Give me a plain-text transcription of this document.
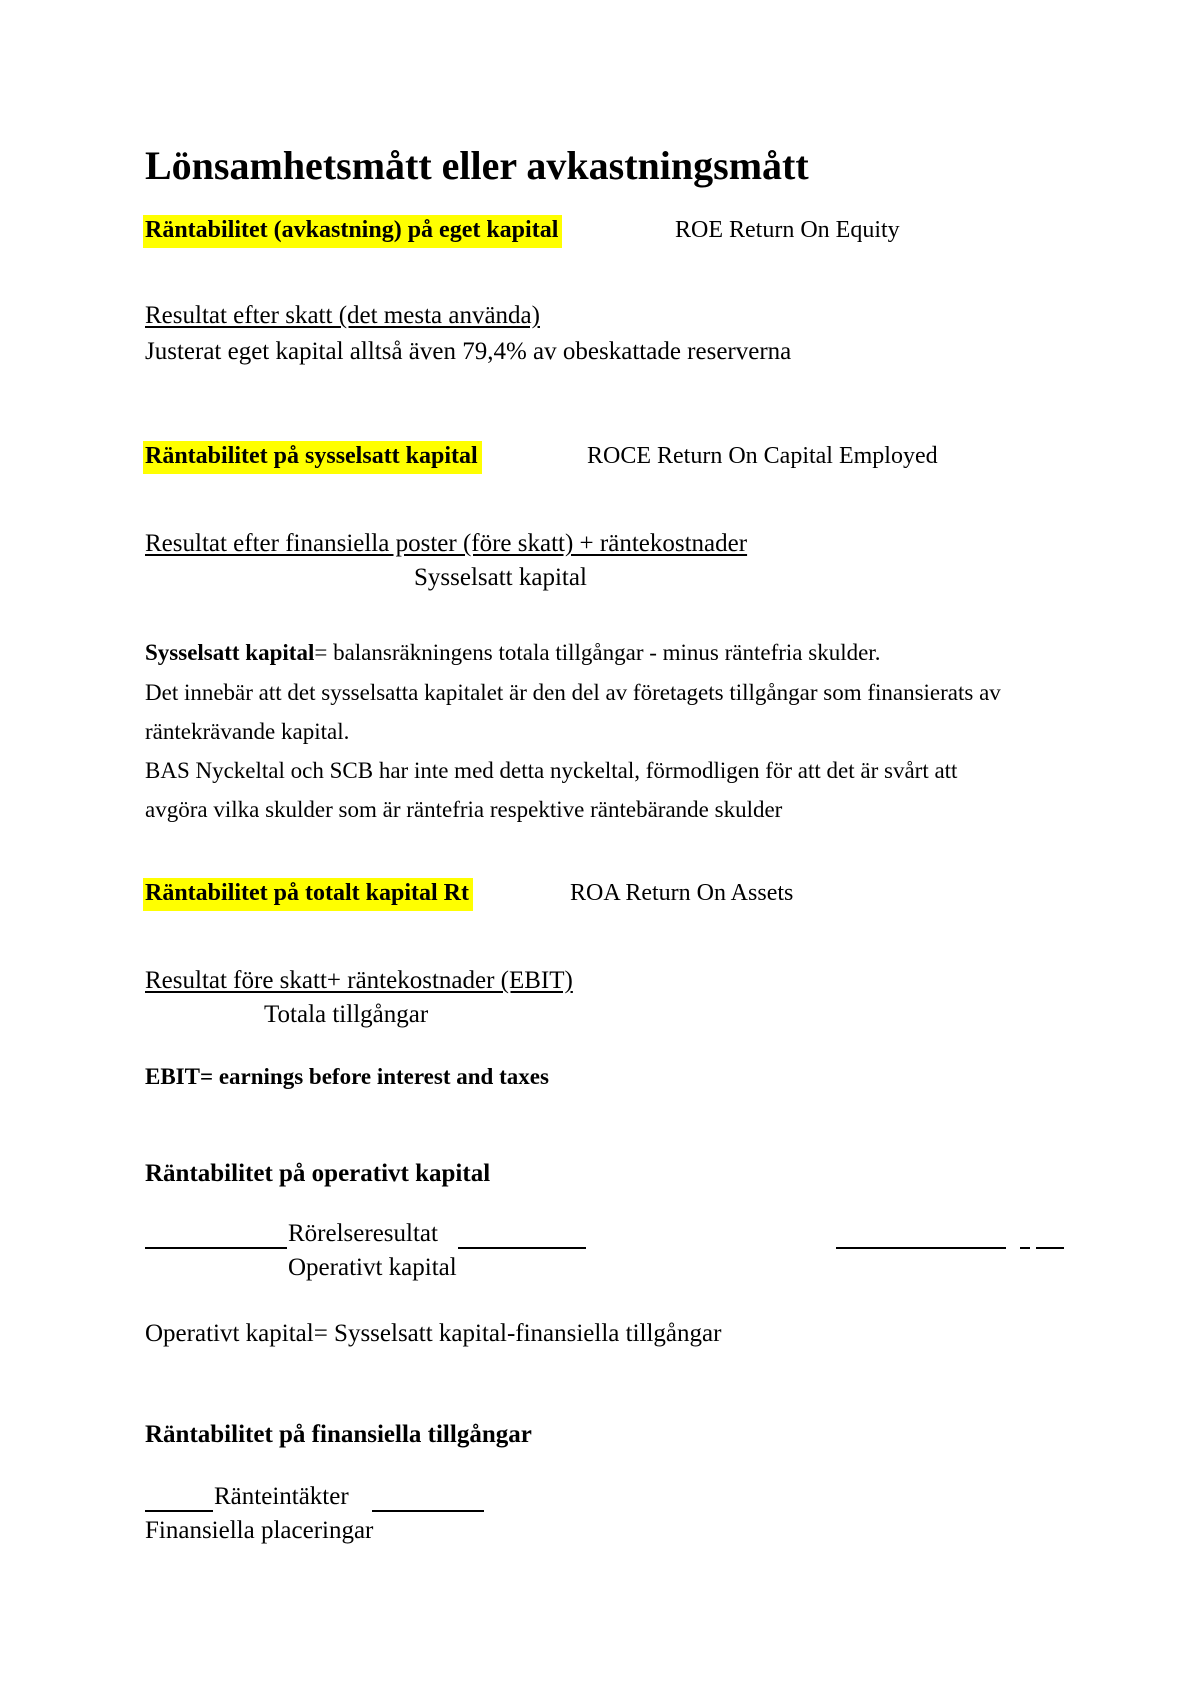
Lönsamhetsmått eller avkastningsmått
Räntabilitet (avkastning) på eget kapital	ROE Return On Equity
Resultat efter skatt (det mesta använda)
Justerat eget kapital alltså även 79,4% av obeskattade reserverna
Räntabilitet på sysselsatt kapital	ROCE Return On Capital Employed
Resultat efter finansiella poster (före skatt) + räntekostnader
Sysselsatt kapital
Sysselsatt kapital= balansräkningens totala tillgångar - minus räntefria skulder.
Det innebär att det sysselsatta kapitalet är den del av företagets tillgångar som finansierats av
räntekrävande kapital.
BAS Nyckeltal och SCB har inte med detta nyckeltal, förmodligen för att det är svårt att
avgöra vilka skulder som är räntefria respektive räntebärande skulder
Räntabilitet på totalt kapital Rt	ROA Return On Assets
Resultat före skatt+ räntekostnader (EBIT)
Totala tillgångar
EBIT= earnings before interest and taxes
Räntabilitet på operativt kapital
Rörelseresultat
Operativt kapital
Operativt kapital= Sysselsatt kapital-finansiella tillgångar
Räntabilitet på finansiella tillgångar
Ränteintäkter
Finansiella placeringar
